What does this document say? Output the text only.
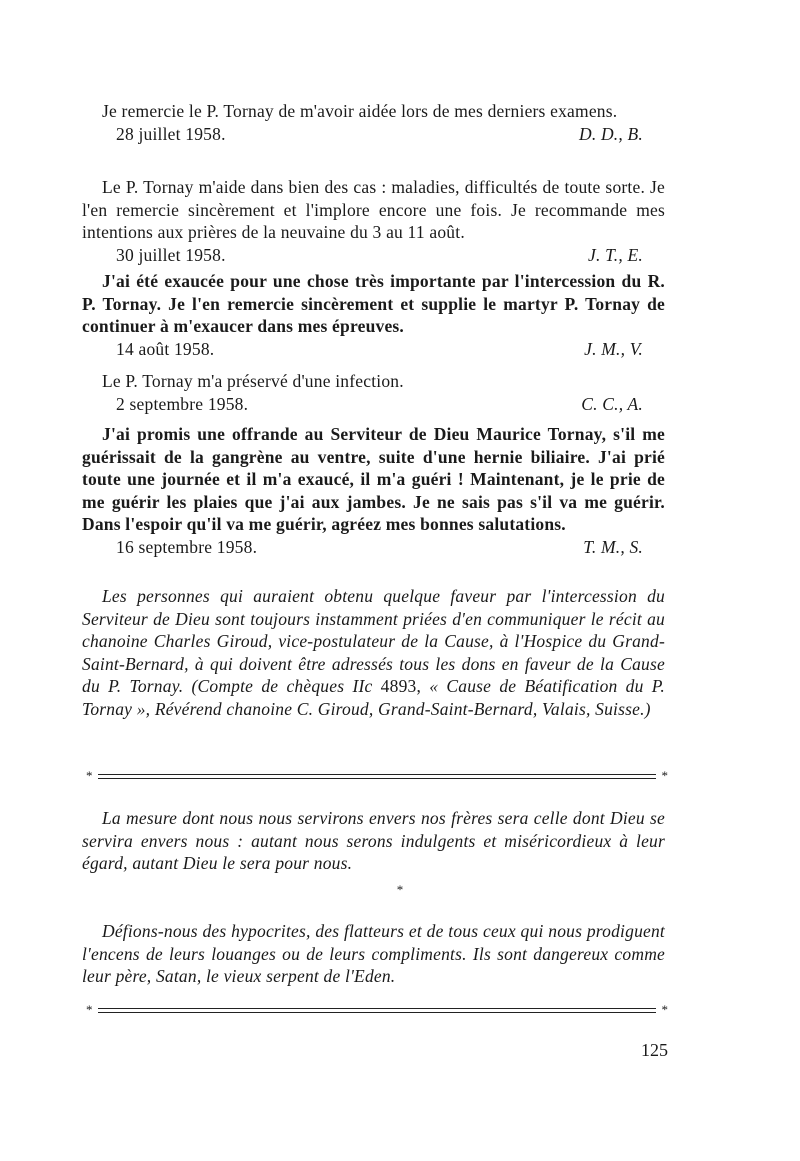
Je remercie le P. Tornay de m'avoir aidée lors de mes derniers examens.

28 juillet 1958.	D. D., B.

Le P. Tornay m'aide dans bien des cas : maladies, difficultés de toute sorte. Je l'en remercie sincèrement et l'implore encore une fois. Je recommande mes intentions aux prières de la neuvaine du 3 au 11 août.

30 juillet 1958.	J. T., E.

J'ai été exaucée pour une chose très importante par l'intercession du R. P. Tornay. Je l'en remercie sincèrement et supplie le martyr P. Tornay de continuer à m'exaucer dans mes épreuves.

14 août 1958.	J. M., V.

Le P. Tornay m'a préservé d'une infection.

2 septembre 1958.	C. C., A.

J'ai promis une offrande au Serviteur de Dieu Maurice Tornay, s'il me guérissait de la gangrène au ventre, suite d'une hernie biliaire. J'ai prié toute une journée et il m'a exaucé, il m'a guéri ! Maintenant, je le prie de me guérir les plaies que j'ai aux jambes. Je ne sais pas s'il va me guérir. Dans l'espoir qu'il va me guérir, agréez mes bonnes salutations.

16 septembre 1958.	T. M., S.

Les personnes qui auraient obtenu quelque faveur par l'intercession du Serviteur de Dieu sont toujours instamment priées d'en communiquer le récit au chanoine Charles Giroud, vice-postulateur de la Cause, à l'Hospice du Grand-Saint-Bernard, à qui doivent être adressés tous les dons en faveur de la Cause du P. Tornay. (Compte de chèques IIc 4893, « Cause de Béatification du P. Tornay », Révérend chanoine C. Giroud, Grand-Saint-Bernard, Valais, Suisse.)

*	*

La mesure dont nous nous servirons envers nos frères sera celle dont Dieu se servira envers nous : autant nous serons indulgents et miséricordieux à leur égard, autant Dieu le sera pour nous.

*

Défions-nous des hypocrites, des flatteurs et de tous ceux qui nous prodiguent l'encens de leurs louanges ou de leurs compliments. Ils sont dangereux comme leur père, Satan, le vieux serpent de l'Eden.

*	*
125
